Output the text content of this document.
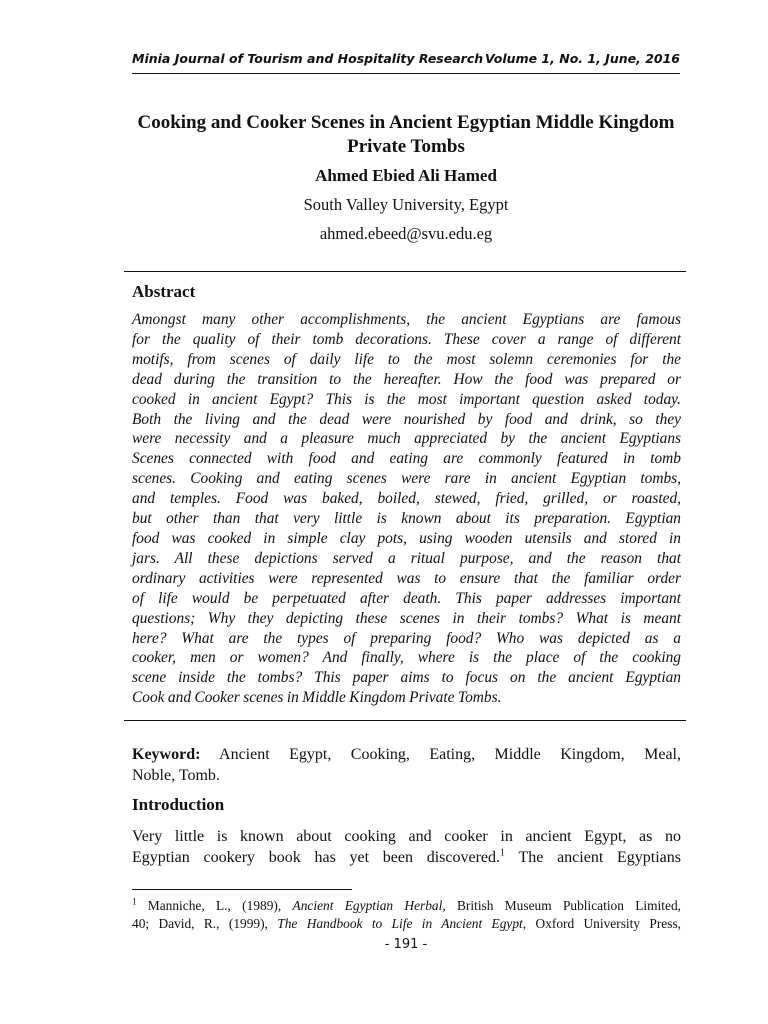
Minia Journal of Tourism and Hospitality Research Volume 1, No. 1, June, 2016
Cooking and Cooker Scenes in Ancient Egyptian Middle Kingdom Private Tombs
Ahmed Ebied Ali Hamed
South Valley University, Egypt
ahmed.ebeed@svu.edu.eg
Abstract
Amongst many other accomplishments, the ancient Egyptians are famous
for the quality of their tomb decorations. These cover a range of different
motifs, from scenes of daily life to the most solemn ceremonies for the
dead during the transition to the hereafter. How the food was prepared or
cooked in ancient Egypt? This is the most important question asked today.
Both the living and the dead were nourished by food and drink, so they
were necessity and a pleasure much appreciated by the ancient Egyptians
Scenes connected with food and eating are commonly featured in tomb
scenes. Cooking and eating scenes were rare in ancient Egyptian tombs,
and temples. Food was baked, boiled, stewed, fried, grilled, or roasted,
but other than that very little is known about its preparation. Egyptian
food was cooked in simple clay pots, using wooden utensils and stored in
jars. All these depictions served a ritual purpose, and the reason that
ordinary activities were represented was to ensure that the familiar order
of life would be perpetuated after death. This paper addresses important
questions; Why they depicting these scenes in their tombs? What is meant
here? What are the types of preparing food? Who was depicted as a
cooker, men or women? And finally, where is the place of the cooking
scene inside the tombs? This paper aims to focus on the ancient Egyptian
Cook and Cooker scenes in Middle Kingdom Private Tombs.
Keyword: Ancient Egypt, Cooking, Eating, Middle Kingdom, Meal,
Noble, Tomb.
Introduction
Very little is known about cooking and cooker in ancient Egypt, as no
Egyptian cookery book has yet been discovered.$^1$ The ancient Egyptians
$^1$ Manniche, L., (1989), Ancient Egyptian Herbal, British Museum Publication Limited,
40; David, R., (1999), The Handbook to Life in Ancient Egypt, Oxford University Press,
- 191 -
